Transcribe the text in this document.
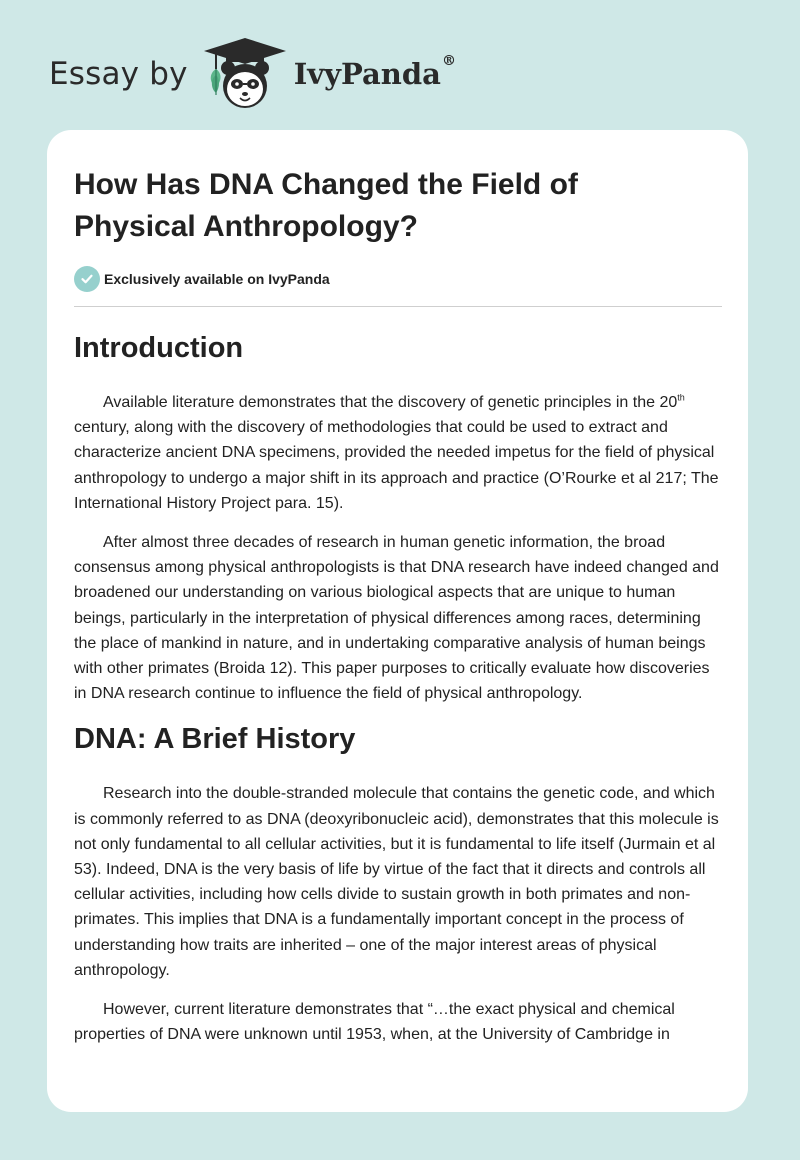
Essay by	IvyPanda®
How Has DNA Changed the Field of
Physical Anthropology?
Exclusively available on IvyPanda
Introduction

Available literature demonstrates that the discovery of genetic principles in the 20th century, along with the discovery of methodologies that could be used to extract and characterize ancient DNA specimens, provided the needed impetus for the field of physical anthropology to undergo a major shift in its approach and practice (O’Rourke et al 217; The International History Project para. 15).

After almost three decades of research in human genetic information, the broad consensus among physical anthropologists is that DNA research have indeed changed and broadened our understanding on various biological aspects that are unique to human beings, particularly in the interpretation of physical differences among races, determining the place of mankind in nature, and in undertaking comparative analysis of human beings with other primates (Broida 12). This paper purposes to critically evaluate how discoveries in DNA research continue to influence the field of physical anthropology.

DNA: A Brief History

Research into the double-stranded molecule that contains the genetic code, and which is commonly referred to as DNA (deoxyribonucleic acid), demonstrates that this molecule is not only fundamental to all cellular activities, but it is fundamental to life itself (Jurmain et al 53). Indeed, DNA is the very basis of life by virtue of the fact that it directs and controls all cellular activities, including how cells divide to sustain growth in both primates and non-primates. This implies that DNA is a fundamentally important concept in the process of understanding how traits are inherited – one of the major interest areas of physical anthropology.

However, current literature demonstrates that “…the exact physical and chemical properties of DNA were unknown until 1953, when, at the University of Cambridge in
